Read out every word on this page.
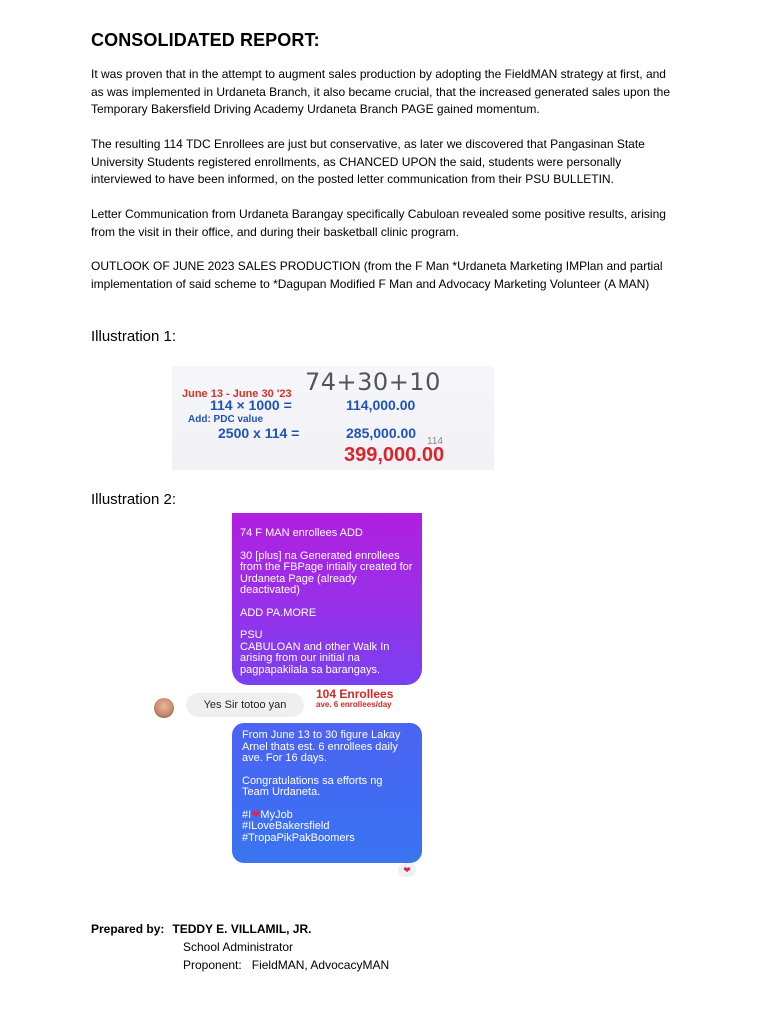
CONSOLIDATED REPORT:

It was proven that in the attempt to augment sales production by adopting the FieldMAN strategy at first, and as was implemented in Urdaneta Branch, it also became crucial, that the increased generated sales upon the Temporary Bakersfield Driving Academy Urdaneta Branch PAGE gained momentum.

The resulting 114 TDC Enrollees are just but conservative, as later we discovered that Pangasinan State University Students registered enrollments, as CHANCED UPON the said, students were personally interviewed to have been informed, on the posted letter communication from their PSU BULLETIN.

Letter Communication from Urdaneta Barangay specifically Cabuloan revealed some positive results, arising from the visit in their office, and during their basketball clinic program.

OUTLOOK OF JUNE 2023 SALES PRODUCTION (from the F Man *Urdaneta Marketing IMPlan and partial implementation of said scheme to *Dagupan Modified F Man and Advocacy Marketing Volunteer (A MAN)

Illustration 1:
74+30+10
June 13 - June 30 '23
114 × 1000 =	114,000.00
Add: PDC value
2500 x 114 =	285,000.00
114
399,000.00
Illustration 2:

74 F MAN enrollees ADD

30 [plus] na Generated enrollees from the FBPage intially created for Urdaneta Page (already deactivated)

ADD PA.MORE

PSU

CABULOAN and other Walk In arising from our initial na pagpapakilala sa barangays.

Yes Sir totoo yan
104 Enrollees
ave. 6 enrollees/day

From June 13 to 30 figure Lakay Arnel thats est. 6 enrollees daily ave. For 16 days.

Congratulations sa efforts ng Team Urdaneta.

#I❤MyJob

#ILoveBakersfield

#TropaPikPakBoomers

❤
Prepared by: TEDDY E. VILLAMIL, JR.
School Administrator
Proponent: FieldMAN, AdvocacyMAN
